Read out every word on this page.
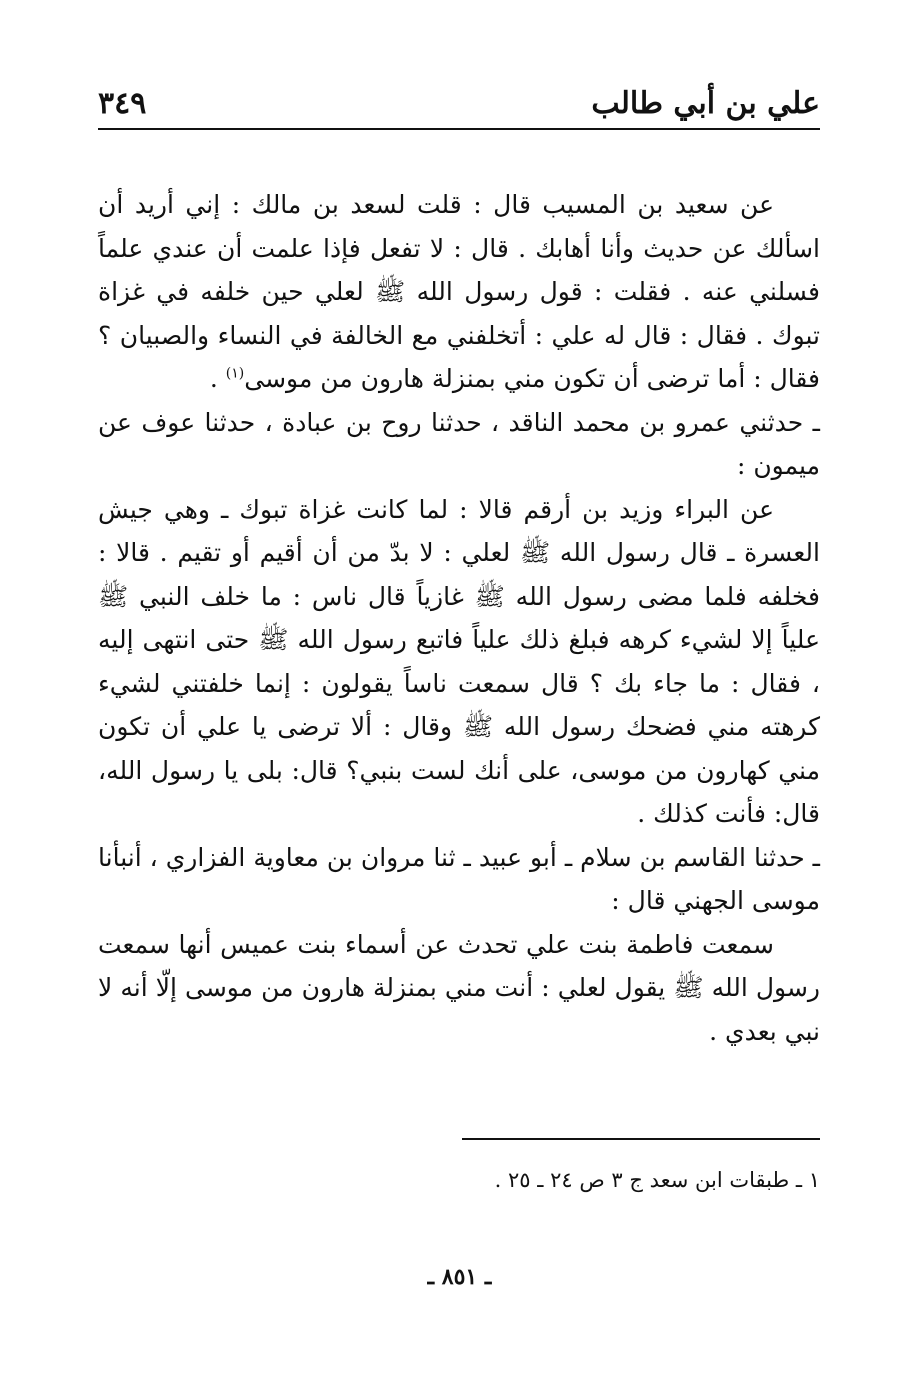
علي بن أبي طالب
٣٤٩

عن سعيد بن المسيب قال : قلت لسعد بن مالك : إني أريد أن اسألك عن حديث وأنا أهابك . قال : لا تفعل فإذا علمت أن عندي علماً فسلني عنه . فقلت : قول رسول الله ﷺ لعلي حين خلفه في غزاة تبوك . فقال : قال له علي : أتخلفني مع الخالفة في النساء والصبيان ؟ فقال : أما ترضى أن تكون مني بمنزلة هارون من موسى$^{(١)}$ .

ـ حدثني عمرو بن محمد الناقد ، حدثنا روح بن عبادة ، حدثنا عوف عن ميمون :

عن البراء وزيد بن أرقم قالا : لما كانت غزاة تبوك ـ وهي جيش العسرة ـ قال رسول الله ﷺ لعلي : لا بدّ من أن أقيم أو تقيم . قالا : فخلفه فلما مضى رسول الله ﷺ غازياً قال ناس : ما خلف النبي ﷺ علياً إلا لشيء كرهه فبلغ ذلك علياً فاتبع رسول الله ﷺ حتى انتهى إليه ، فقال : ما جاء بك ؟ قال سمعت ناساً يقولون : إنما خلفتني لشيء كرهته مني فضحك رسول الله ﷺ وقال : ألا ترضى يا علي أن تكون مني كهارون من موسى، على أنك لست بنبي؟ قال: بلى يا رسول الله، قال: فأنت كذلك .

ـ حدثنا القاسم بن سلام ـ أبو عبيد ـ ثنا مروان بن معاوية الفزاري ، أنبأنا موسى الجهني قال :

سمعت فاطمة بنت علي تحدث عن أسماء بنت عميس أنها سمعت رسول الله ﷺ يقول لعلي : أنت مني بمنزلة هارون من موسى إلّا أنه لا نبي بعدي .

١ ـ طبقات ابن سعد ج ٣ ص ٢٤ ـ ٢٥ .
ـ ٨٥١ ـ
